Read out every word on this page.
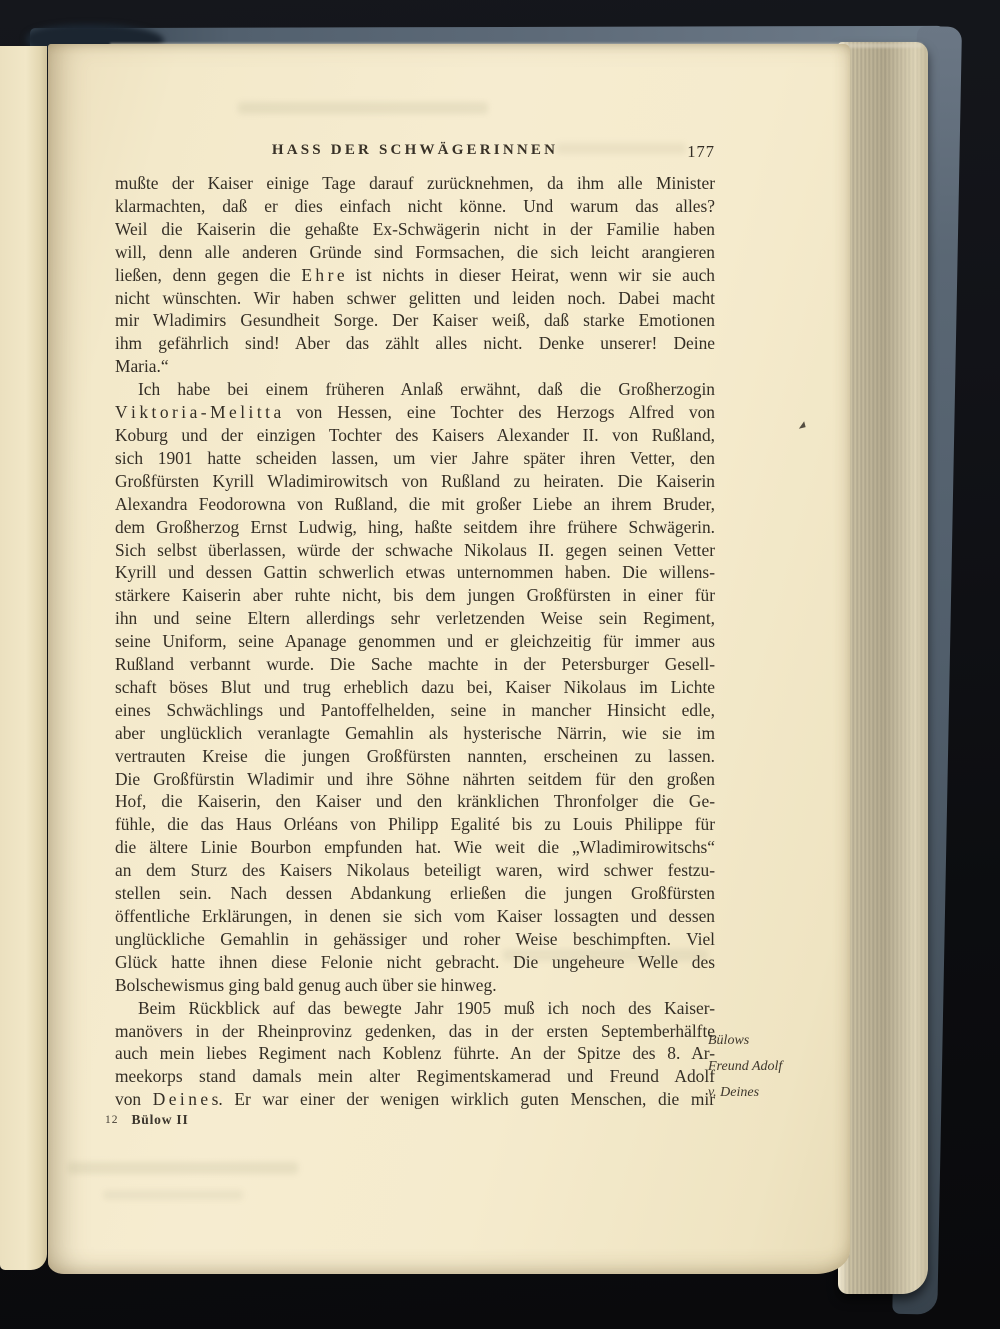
HASS DER SCHWÄGERINNEN	177
mußte der Kaiser einige Tage darauf zurücknehmen, da ihm alle Minister
klarmachten, daß er dies einfach nicht könne. Und warum das alles?
Weil die Kaiserin die gehaßte Ex-Schwägerin nicht in der Familie haben
will, denn alle anderen Gründe sind Formsachen, die sich leicht arangieren
ließen, denn gegen die E h r e ist nichts in dieser Heirat, wenn wir sie auch
nicht wünschten. Wir haben schwer gelitten und leiden noch. Dabei macht
mir Wladimirs Gesundheit Sorge. Der Kaiser weiß, daß starke Emotionen
ihm gefährlich sind! Aber das zählt alles nicht. Denke unserer! Deine
Maria.“
Ich habe bei einem früheren Anlaß erwähnt, daß die Großherzogin
V i k t o r i a - M e l i t t a von Hessen, eine Tochter des Herzogs Alfred von
Koburg und der einzigen Tochter des Kaisers Alexander II. von Rußland,
sich 1901 hatte scheiden lassen, um vier Jahre später ihren Vetter, den
Großfürsten Kyrill Wladimirowitsch von Rußland zu heiraten. Die Kaiserin
Alexandra Feodorowna von Rußland, die mit großer Liebe an ihrem Bruder,
dem Großherzog Ernst Ludwig, hing, haßte seitdem ihre frühere Schwägerin.
Sich selbst überlassen, würde der schwache Nikolaus II. gegen seinen Vetter
Kyrill und dessen Gattin schwerlich etwas unternommen haben. Die willens-
stärkere Kaiserin aber ruhte nicht, bis dem jungen Großfürsten in einer für
ihn und seine Eltern allerdings sehr verletzenden Weise sein Regiment,
seine Uniform, seine Apanage genommen und er gleichzeitig für immer aus
Rußland verbannt wurde. Die Sache machte in der Petersburger Gesell-
schaft böses Blut und trug erheblich dazu bei, Kaiser Nikolaus im Lichte
eines Schwächlings und Pantoffelhelden, seine in mancher Hinsicht edle,
aber unglücklich veranlagte Gemahlin als hysterische Närrin, wie sie im
vertrauten Kreise die jungen Großfürsten nannten, erscheinen zu lassen.
Die Großfürstin Wladimir und ihre Söhne nährten seitdem für den großen
Hof, die Kaiserin, den Kaiser und den kränklichen Thronfolger die Ge-
fühle, die das Haus Orléans von Philipp Egalité bis zu Louis Philippe für
die ältere Linie Bourbon empfunden hat. Wie weit die „Wladimirowitschs“
an dem Sturz des Kaisers Nikolaus beteiligt waren, wird schwer festzu-
stellen sein. Nach dessen Abdankung erließen die jungen Großfürsten
öffentliche Erklärungen, in denen sie sich vom Kaiser lossagten und dessen
unglückliche Gemahlin in gehässiger und roher Weise beschimpften. Viel
Glück hatte ihnen diese Felonie nicht gebracht. Die ungeheure Welle des
Bolschewismus ging bald genug auch über sie hinweg.
Beim Rückblick auf das bewegte Jahr 1905 muß ich noch des Kaiser-
manövers in der Rheinprovinz gedenken, das in der ersten Septemberhälfte
auch mein liebes Regiment nach Koblenz führte. An der Spitze des 8. Ar-
meekorps stand damals mein alter Regimentskamerad und Freund Adolf
von D e i n e s. Er war einer der wenigen wirklich guten Menschen, die mir
Bülows
Freund Adolf
v. Deines
12 Bülow II
